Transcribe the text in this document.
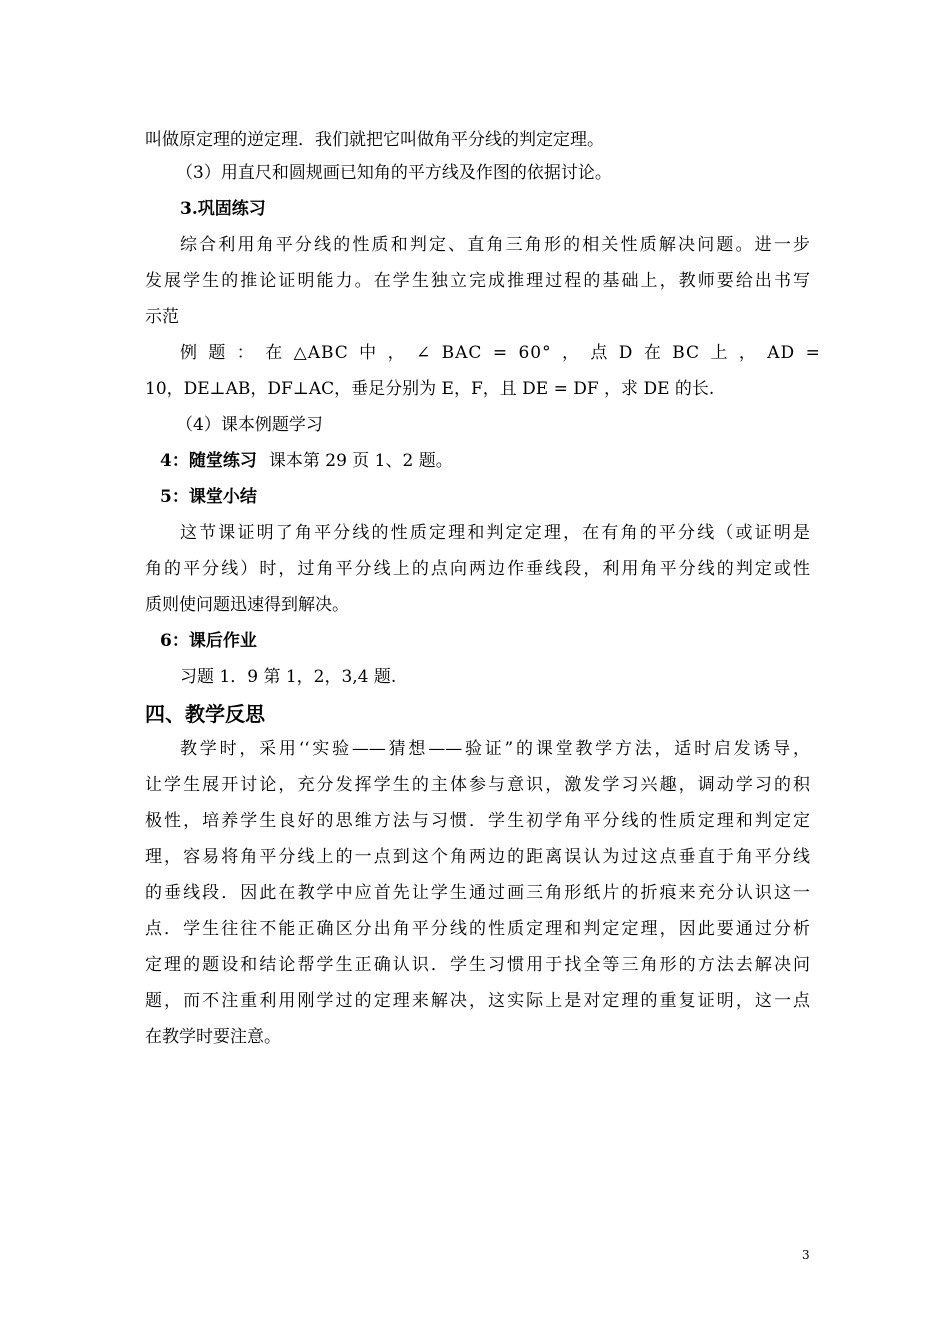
叫做原定理的逆定理．我们就把它叫做角平分线的判定定理。
（3）用直尺和圆规画已知角的平方线及作图的依据讨论。
3.巩固练习
综合利用角平分线的性质和判定、直角三角形的相关性质解决问题。进一步
发展学生的推论证明能力。在学生独立完成推理过程的基础上，教师要给出书写
示范
例 题 ： 在 △ABC 中 ， ∠ BAC = 60° ， 点 D 在 BC 上 ， AD =
10，DE⊥AB，DF⊥AC，垂足分别为 E，F，且 DE = DF ，求 DE 的长.
（4）课本例题学习
4：随堂练习 课本第 29 页 1、2 题。
5：课堂小结
这节课证明了角平分线的性质定理和判定定理，在有角的平分线（或证明是
角的平分线）时，过角平分线上的点向两边作垂线段，利用角平分线的判定或性
质则使问题迅速得到解决。
6：课后作业
习题 1．9 第 1，2，3,4 题.
四、教学反思
教学时，采用‘‘实验——猜想——验证”的课堂教学方法，适时启发诱导，
让学生展开讨论，充分发挥学生的主体参与意识，激发学习兴趣，调动学习的积
极性，培养学生良好的思维方法与习惯．学生初学角平分线的性质定理和判定定
理，容易将角平分线上的一点到这个角两边的距离误认为过这点垂直于角平分线
的垂线段．因此在教学中应首先让学生通过画三角形纸片的折痕来充分认识这一
点．学生往往不能正确区分出角平分线的性质定理和判定定理，因此要通过分析
定理的题设和结论帮学生正确认识．学生习惯用于找全等三角形的方法去解决问
题，而不注重利用刚学过的定理来解决，这实际上是对定理的重复证明，这一点
在教学时要注意。
3
